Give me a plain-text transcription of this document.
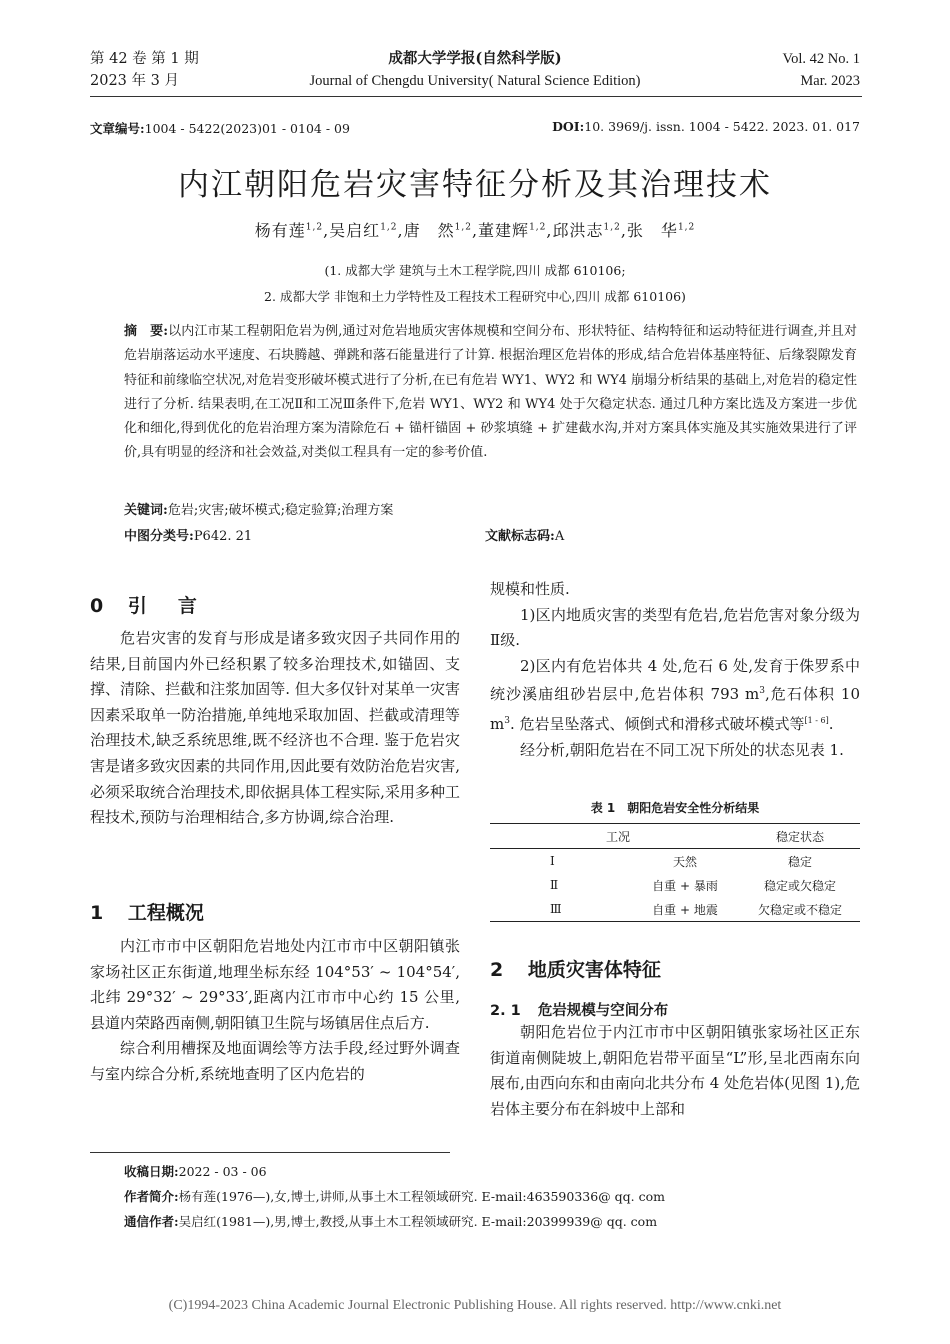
第 42 卷 第 1 期
2023 年 3 月
成都大学学报(自然科学版)
Journal of Chengdu University( Natural Science Edition)
Vol. 42 No. 1
Mar. 2023
文章编号:1004 - 5422(2023)01 - 0104 - 09	DOI:10. 3969/j. issn. 1004 - 5422. 2023. 01. 017
内江朝阳危岩灾害特征分析及其治理技术
杨有莲$^{1,2}$,吴启红$^{1,2}$,唐　然$^{1,2}$,董建辉$^{1,2}$,邱洪志$^{1,2}$,张　华$^{1,2}$
(1. 成都大学 建筑与土木工程学院,四川 成都 610106;
2. 成都大学 非饱和土力学特性及工程技术工程研究中心,四川 成都 610106)
摘　要:以内江市某工程朝阳危岩为例,通过对危岩地质灾害体规模和空间分布、形状特征、结构特征和运动特征进行调查,并且对危岩崩落运动水平速度、石块腾越、弹跳和落石能量进行了计算. 根据治理区危岩体的形成,结合危岩体基座特征、后缘裂隙发育特征和前缘临空状况,对危岩变形破坏模式进行了分析,在已有危岩 WY1、WY2 和 WY4 崩塌分析结果的基础上,对危岩的稳定性进行了分析. 结果表明,在工况Ⅱ和工况Ⅲ条件下,危岩 WY1、WY2 和 WY4 处于欠稳定状态. 通过几种方案比选及方案进一步优化和细化,得到优化的危岩治理方案为清除危石 + 锚杆锚固 + 砂浆填缝 + 扩建截水沟,并对方案具体实施及其实施效果进行了评价,具有明显的经济和社会效益,对类似工程具有一定的参考价值.
关键词:危岩;灾害;破坏模式;稳定验算;治理方案
中图分类号:P642. 21	文献标志码:A
0 引　言

危岩灾害的发育与形成是诸多致灾因子共同作用的结果,目前国内外已经积累了较多治理技术,如锚固、支撑、清除、拦截和注浆加固等. 但大多仅针对某单一灾害因素采取单一防治措施,单纯地采取加固、拦截或清理等治理技术,缺乏系统思维,既不经济也不合理. 鉴于危岩灾害是诸多致灾因素的共同作用,因此要有效防治危岩灾害,必须采取统合治理技术,即依据具体工程实际,采用多种工程技术,预防与治理相结合,多方协调,综合治理.

1 工程概况

内江市市中区朝阳危岩地处内江市市中区朝阳镇张家场社区正东街道,地理坐标东经 104°53′ ~ 104°54′,北纬 29°32′ ~ 29°33′,距离内江市市中心约 15 公里,县道内荣路西南侧,朝阳镇卫生院与场镇居住点后方.

综合利用槽探及地面调绘等方法手段,经过野外调查与室内综合分析,系统地查明了区内危岩的

规模和性质.

1)区内地质灾害的类型有危岩,危岩危害对象分级为Ⅱ级.

2)区内有危岩体共 4 处,危石 6 处,发育于侏罗系中统沙溪庙组砂岩层中,危岩体积 793 $m^3$,危石体积 10 $m^3$. 危岩呈坠落式、倾倒式和滑移式破坏模式等[1 - 6].

经分析,朝阳危岩在不同工况下所处的状态见表 1.

表 1　朝阳危岩安全性分析结果
工况		稳定状态
Ⅰ	天然	稳定
Ⅱ	自重 + 暴雨	稳定或欠稳定
Ⅲ	自重 + 地震	欠稳定或不稳定
2 地质灾害体特征
2. 1 危岩规模与空间分布

朝阳危岩位于内江市市中区朝阳镇张家场社区正东街道南侧陡坡上,朝阳危岩带平面呈“L”形,呈北西南东向展布,由西向东和由南向北共分布 4 处危岩体(见图 1),危岩体主要分布在斜坡中上部和

收稿日期:2022 - 03 - 06
作者简介:杨有莲(1976—),女,博士,讲师,从事土木工程领域研究. E-mail:463590336@ qq. com
通信作者:吴启红(1981—),男,博士,教授,从事土木工程领域研究. E-mail:20399939@ qq. com
(C)1994-2023 China Academic Journal Electronic Publishing House. All rights reserved. http://www.cnki.net
